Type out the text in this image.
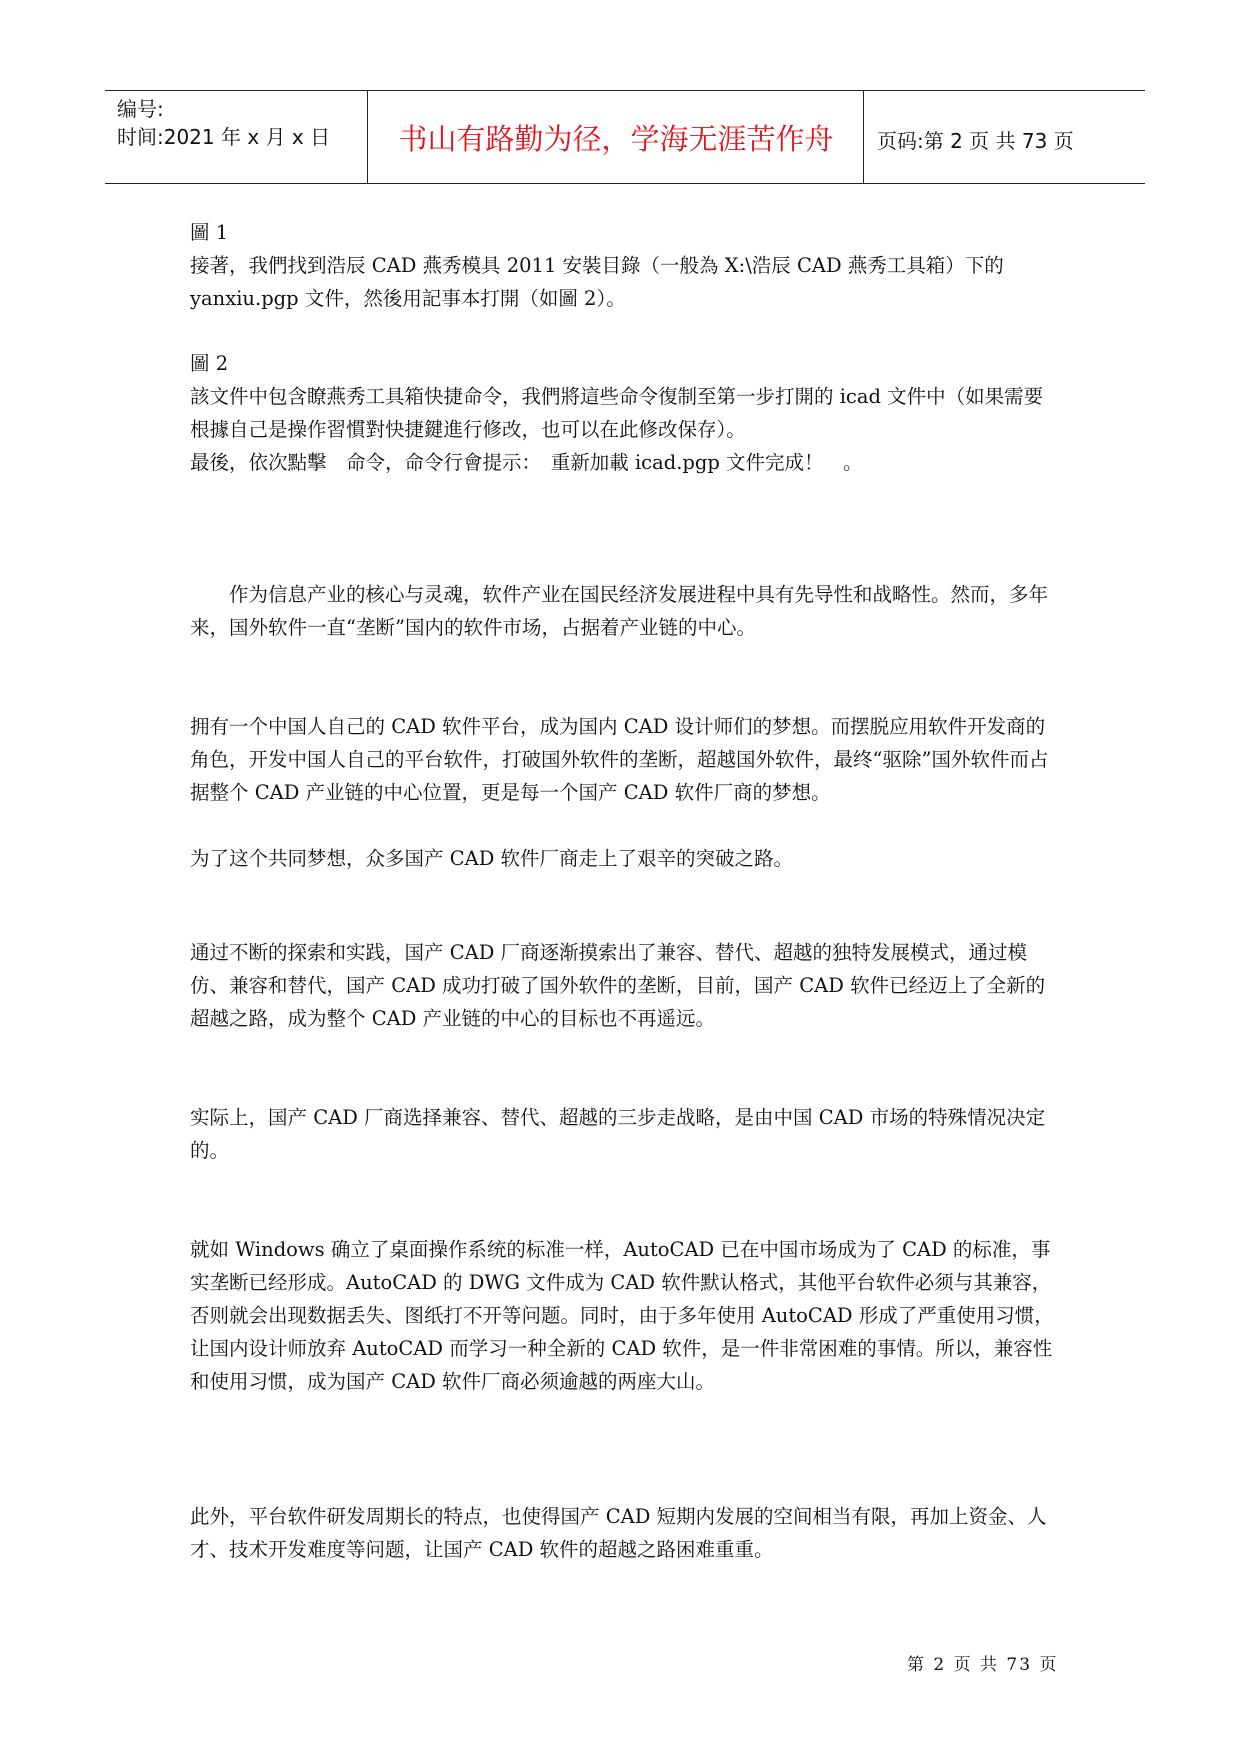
编号:
时间:2021 年 x 月 x 日	书山有路勤为径，学海无涯苦作舟	页码:第 2 页 共 73 页

圖 1

接著，我們找到浩辰 CAD 燕秀模具 2011 安裝目錄（一般為 X:\浩辰 CAD 燕秀工具箱）下的 yanxiu.pgp 文件，然後用記事本打開（如圖 2）。

圖 2

該文件中包含瞭燕秀工具箱快捷命令，我們將這些命令復制至第一步打開的 icad 文件中（如果需要根據自己是操作習慣對快捷鍵進行修改，也可以在此修改保存）。

最後，依次點擊　命令，命令行會提示：　重新加載 icad.pgp 文件完成！　。

作为信息产业的核心与灵魂，软件产业在国民经济发展进程中具有先导性和战略性。然而，多年来，国外软件一直“垄断”国内的软件市场，占据着产业链的中心。

拥有一个中国人自己的 CAD 软件平台，成为国内 CAD 设计师们的梦想。而摆脱应用软件开发商的角色，开发中国人自己的平台软件，打破国外软件的垄断，超越国外软件，最终“驱除”国外软件而占据整个 CAD 产业链的中心位置，更是每一个国产 CAD 软件厂商的梦想。

为了这个共同梦想，众多国产 CAD 软件厂商走上了艰辛的突破之路。

通过不断的探索和实践，国产 CAD 厂商逐渐摸索出了兼容、替代、超越的独特发展模式，通过模仿、兼容和替代，国产 CAD 成功打破了国外软件的垄断，目前，国产 CAD 软件已经迈上了全新的超越之路，成为整个 CAD 产业链的中心的目标也不再遥远。

实际上，国产 CAD 厂商选择兼容、替代、超越的三步走战略，是由中国 CAD 市场的特殊情况决定的。

就如 Windows 确立了桌面操作系统的标准一样，AutoCAD 已在中国市场成为了 CAD 的标准，事实垄断已经形成。AutoCAD 的 DWG 文件成为 CAD 软件默认格式，其他平台软件必须与其兼容，否则就会出现数据丢失、图纸打不开等问题。同时，由于多年使用 AutoCAD 形成了严重使用习惯，让国内设计师放弃 AutoCAD 而学习一种全新的 CAD 软件，是一件非常困难的事情。所以，兼容性和使用习惯，成为国产 CAD 软件厂商必须逾越的两座大山。

此外，平台软件研发周期长的特点，也使得国产 CAD 短期内发展的空间相当有限，再加上资金、人才、技术开发难度等问题，让国产 CAD 软件的超越之路困难重重。

第 2 页 共 73 页
